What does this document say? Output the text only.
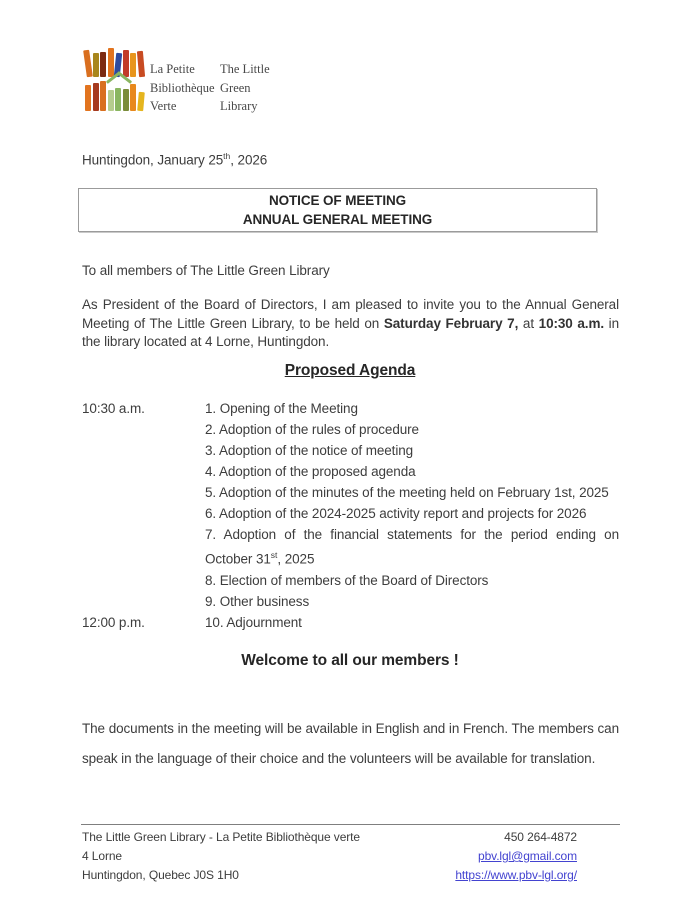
La Petite
Bibliothèque
Verte
The Little
Green
Library
Huntingdon, January 25th, 2026
NOTICE OF MEETING
ANNUAL GENERAL MEETING
To all members of The Little Green Library
As President of the Board of Directors, I am pleased to invite you to the Annual General Meeting of The Little Green Library, to be held on Saturday February 7, at 10:30 a.m. in the library located at 4 Lorne, Huntingdon.
Proposed Agenda
10:30 a.m.	1. Opening of the Meeting
2. Adoption of the rules of procedure
3. Adoption of the notice of meeting
4. Adoption of the proposed agenda
5. Adoption of the minutes of the meeting held on February 1st, 2025
6. Adoption of the 2024-2025 activity report and projects for 2026
7. Adoption of the financial statements for the period ending on October 31st, 2025
8. Election of members of the Board of Directors
9. Other business
12:00 p.m.	10. Adjournment
Welcome to all our members !
The documents in the meeting will be available in English and in French. The members can speak in the language of their choice and the volunteers will be available for translation.
The Little Green Library - La Petite Bibliothèque verte
4 Lorne
Huntingdon, Quebec J0S 1H0
450 264-4872
pbv.lgl@gmail.com
https://www.pbv-lgl.org/
